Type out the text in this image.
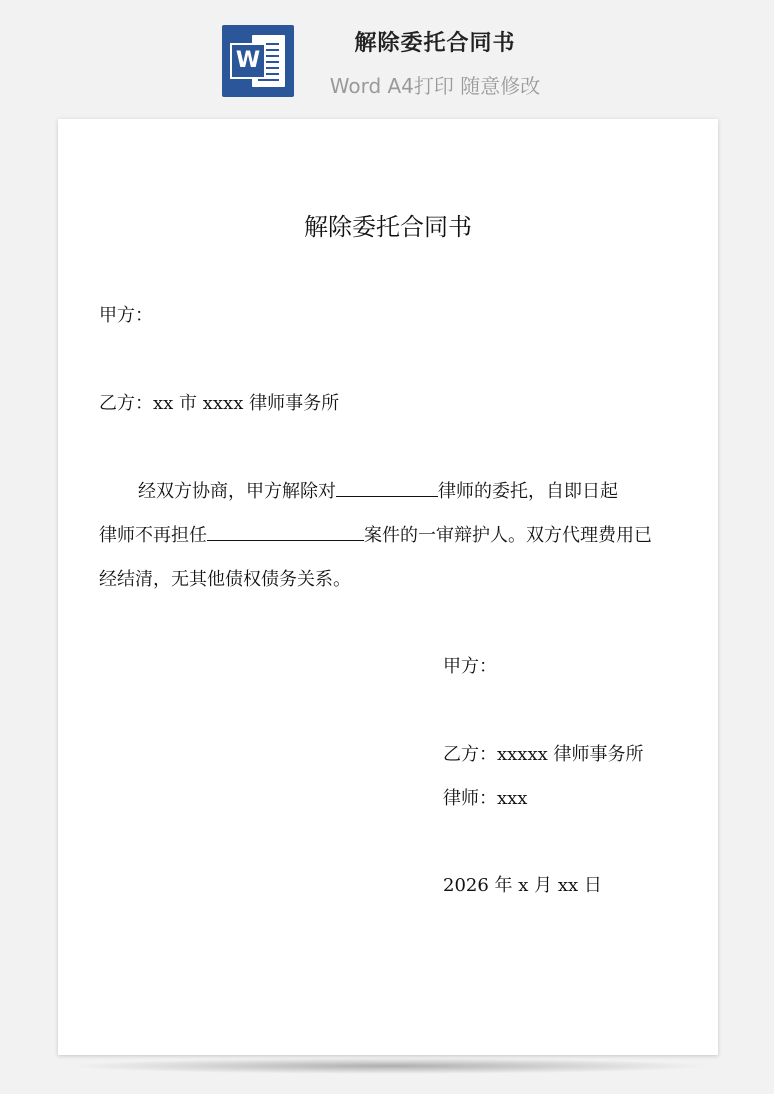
W
解除委托合同书
Word A4打印 随意修改
解除委托合同书
甲方：
乙方：xx 市 xxxx 律师事务所
经双方协商，甲方解除对	律师的委托，自即日起
律师不再担任	案件的一审辩护人。双方代理费用已
经结清，无其他债权债务关系。
甲方：
乙方：xxxxx 律师事务所
律师：xxx
2026 年 x 月 xx 日
